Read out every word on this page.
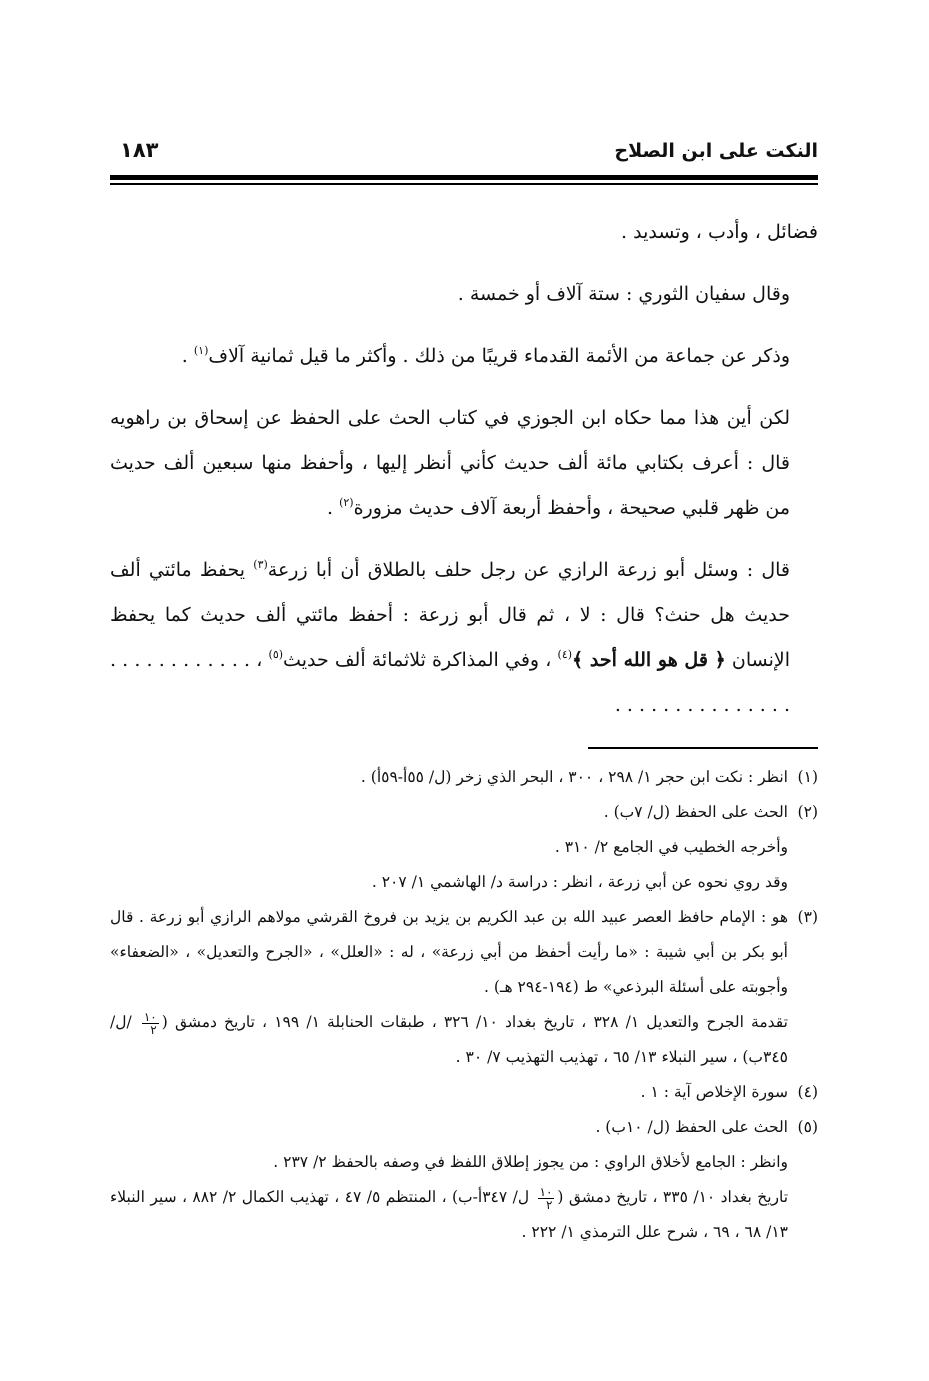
النكت على ابن الصلاح
١٨٣

فضائل ، وأدب ، وتسديد .

وقال سفيان الثوري : ستة آلاف أو خمسة .

وذكر عن جماعة من الأئمة القدماء قريبًا من ذلك . وأكثر ما قيل ثمانية آلاف$^{(١)}$ .

لكن أين هذا مما حكاه ابن الجوزي في كتاب الحث على الحفظ عن إسحاق بن راهويه قال : أعرف بكتابي مائة ألف حديث كأني أنظر إليها ، وأحفظ منها سبعين ألف حديث من ظهر قلبي صحيحة ، وأحفظ أربعة آلاف حديث مزورة$^{(٢)}$ .

قال : وسئل أبو زرعة الرازي عن رجل حلف بالطلاق أن أبا زرعة$^{(٣)}$ يحفظ مائتي ألف حديث هل حنث؟ قال : لا ، ثم قال أبو زرعة : أحفظ مائتي ألف حديث كما يحفظ الإنسان ﴿ قل هو الله أحد ﴾$^{(٤)}$ ، وفي المذاكرة ثلاثمائة ألف حديث$^{(٥)}$ ، . . . . . . . . . . . . . . . . . . . . . . . . . . .

(١)
انظر : نكت ابن حجر ١/ ٢٩٨ ، ٣٠٠ ، البحر الذي زخر (ل/ ٥٥أ-٥٩أ) .

(٢)
الحث على الحفظ (ل/ ٧ب) .

وأخرجه الخطيب في الجامع ٢/ ٣١٠ .

وقد روي نحوه عن أبي زرعة ، انظر : دراسة د/ الهاشمي ١/ ٢٠٧ .

(٣)
هو : الإمام حافظ العصر عبيد الله بن عبد الكريم بن يزيد بن فروخ القرشي مولاهم الرازي أبو زرعة . قال أبو بكر بن أبي شيبة : «ما رأيت أحفظ من أبي زرعة» ، له : «العلل» ، «الجرح والتعديل» ، «الضعفاء» وأجوبته على أسئلة البرذعي» ط (١٩٤-٢٩٤ هـ) .

تقدمة الجرح والتعديل ١/ ٣٢٨ ، تاريخ بغداد ١٠/ ٣٢٦ ، طبقات الحنابلة ١/ ١٩٩ ، تاريخ دمشق (
$\frac{١٠}{٢}$
/ل/ ٣٤٥ب) ، سير النبلاء ١٣/ ٦٥ ، تهذيب التهذيب ٧/ ٣٠ .

(٤)
سورة الإخلاص آية : ١ .

(٥)
الحث على الحفظ (ل/ ١٠ب) .

وانظر : الجامع لأخلاق الراوي : من يجوز إطلاق اللفظ في وصفه بالحفظ ٢/ ٢٣٧ .

تاريخ بغداد ١٠/ ٣٣٥ ، تاريخ دمشق (
$\frac{١٠}{٢}$
ل/ ٣٤٧أ-ب) ، المنتظم ٥/ ٤٧ ، تهذيب الكمال ٢/ ٨٨٢ ، سير النبلاء ١٣/ ٦٨ ، ٦٩ ، شرح علل الترمذي ١/ ٢٢٢ .
